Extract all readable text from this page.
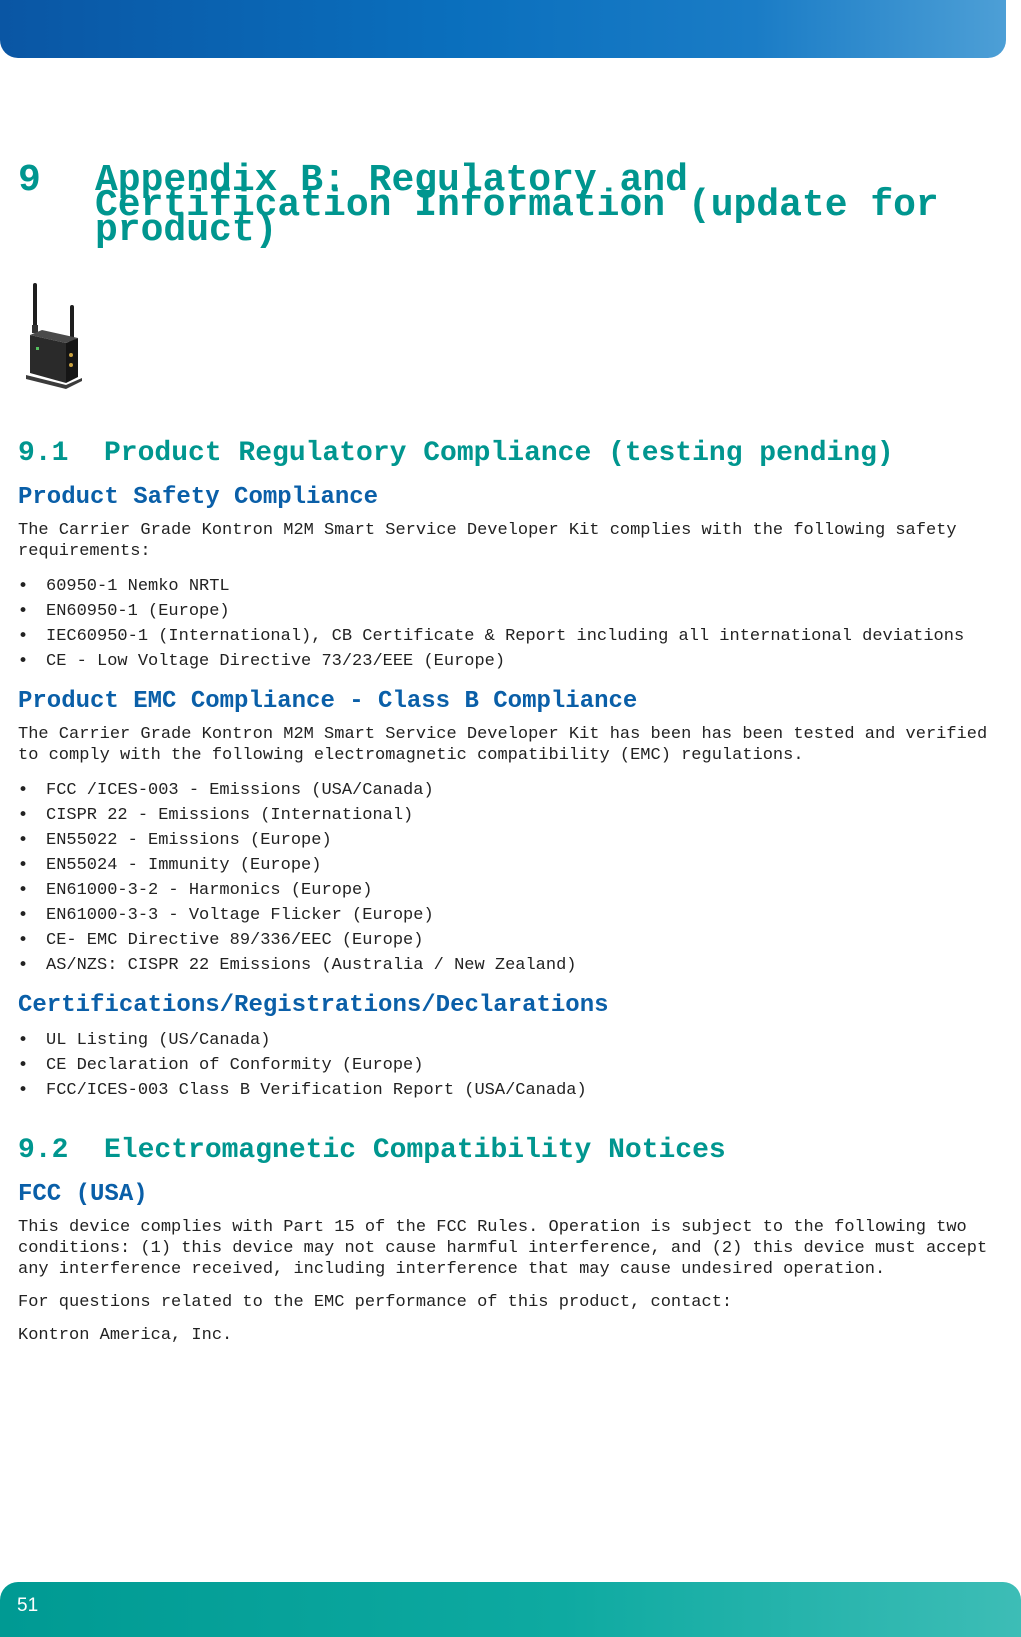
9 Appendix B: Regulatory and Certification Information (update for product)
9.1 Product Regulatory Compliance (testing pending)
Product Safety Compliance

The Carrier Grade Kontron M2M Smart Service Developer Kit complies with the following safety requirements:

• 60950-1 Nemko NRTL
• EN60950-1 (Europe)
• IEC60950-1 (International), CB Certificate & Report including all international deviations
• CE - Low Voltage Directive 73/23/EEE (Europe)
Product EMC Compliance - Class B Compliance

The Carrier Grade Kontron M2M Smart Service Developer Kit has been has been tested and verified to comply with the following electromagnetic compatibility (EMC) regulations.

• FCC /ICES-003 - Emissions (USA/Canada)
• CISPR 22 - Emissions (International)
• EN55022 - Emissions (Europe)
• EN55024 - Immunity (Europe)
• EN61000-3-2 - Harmonics (Europe)
• EN61000-3-3 - Voltage Flicker (Europe)
• CE- EMC Directive 89/336/EEC (Europe)
• AS/NZS: CISPR 22 Emissions (Australia / New Zealand)
Certifications/Registrations/Declarations
• UL Listing (US/Canada)
• CE Declaration of Conformity (Europe)
• FCC/ICES-003 Class B Verification Report (USA/Canada)
9.2 Electromagnetic Compatibility Notices
FCC (USA)

This device complies with Part 15 of the FCC Rules. Operation is subject to the following two conditions: (1) this device may not cause harmful interference, and (2) this device must accept any interference received, including interference that may cause undesired operation.

For questions related to the EMC performance of this product, contact:

Kontron America, Inc.

51
